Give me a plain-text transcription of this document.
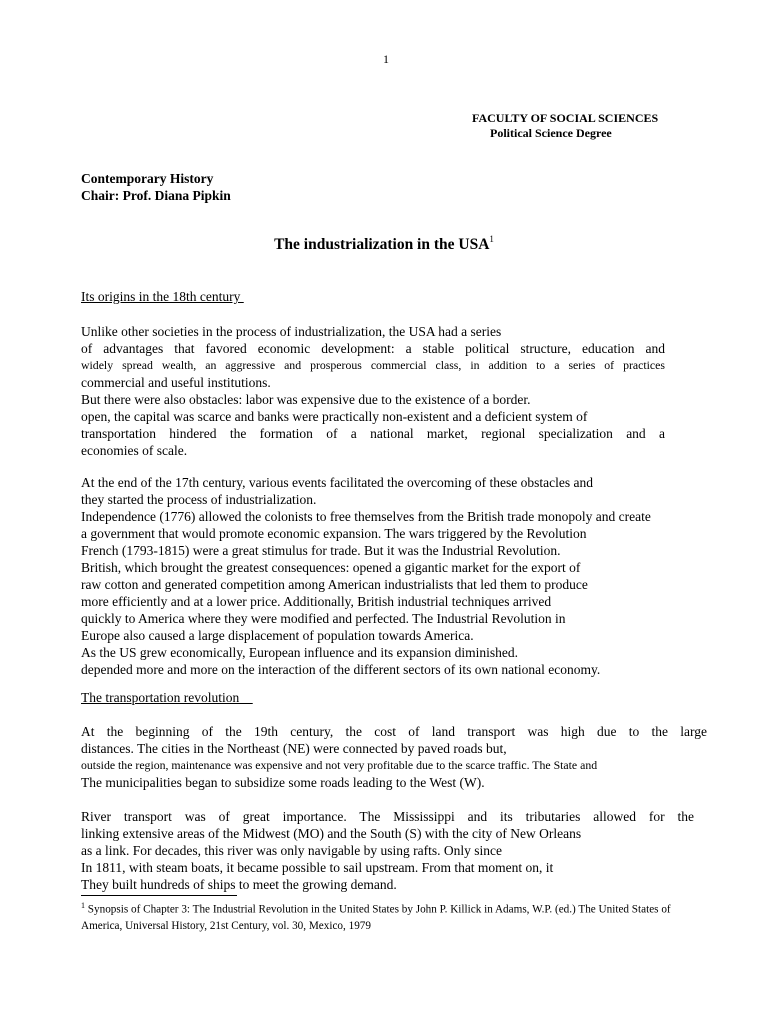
1
FACULTY OF SOCIAL SCIENCES
Political Science Degree
Contemporary History
Chair: Prof. Diana Pipkin
The industrialization in the USA$^1$
Its origins in the 18th century
Unlike other societies in the process of industrialization, the USA had a series
of advantages that favored economic development: a stable political structure, education and
widely spread wealth, an aggressive and prosperous commercial class, in addition to a series of practices
commercial and useful institutions.
But there were also obstacles: labor was expensive due to the existence of a border.
open, the capital was scarce and banks were practically non-existent and a deficient system of
transportation hindered the formation of a national market, regional specialization and a
economies of scale.
At the end of the 17th century, various events facilitated the overcoming of these obstacles and
they started the process of industrialization.
Independence (1776) allowed the colonists to free themselves from the British trade monopoly and create
a government that would promote economic expansion. The wars triggered by the Revolution
French (1793-1815) were a great stimulus for trade. But it was the Industrial Revolution.
British, which brought the greatest consequences: opened a gigantic market for the export of
raw cotton and generated competition among American industrialists that led them to produce
more efficiently and at a lower price. Additionally, British industrial techniques arrived
quickly to America where they were modified and perfected. The Industrial Revolution in
Europe also caused a large displacement of population towards America.
As the US grew economically, European influence and its expansion diminished.
depended more and more on the interaction of the different sectors of its own national economy.
The transportation revolution
At the beginning of the 19th century, the cost of land transport was high due to the large
distances. The cities in the Northeast (NE) were connected by paved roads but,
outside the region, maintenance was expensive and not very profitable due to the scarce traffic. The State and
The municipalities began to subsidize some roads leading to the West (W).
River transport was of great importance. The Mississippi and its tributaries allowed for the
linking extensive areas of the Midwest (MO) and the South (S) with the city of New Orleans
as a link. For decades, this river was only navigable by using rafts. Only since
In 1811, with steam boats, it became possible to sail upstream. From that moment on, it
They built hundreds of ships to meet the growing demand.
$^1$ Synopsis of Chapter 3: The Industrial Revolution in the United States by John P. Killick in Adams, W.P. (ed.) The United States of America, Universal History, 21st Century, vol. 30, Mexico, 1979
